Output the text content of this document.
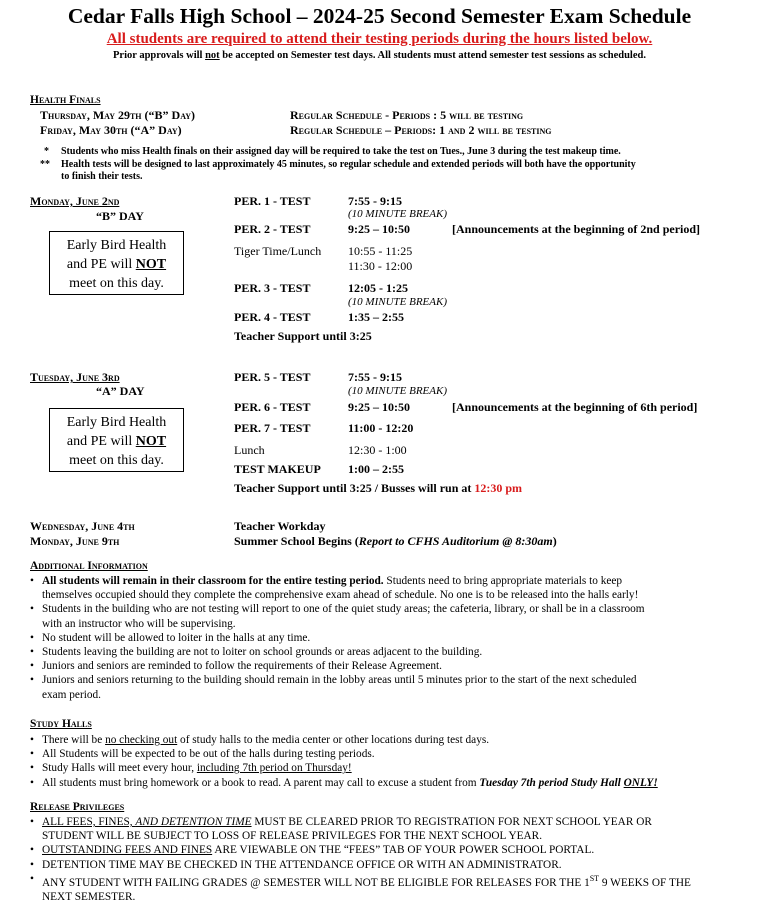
Cedar Falls High School – 2024-25 Second Semester Exam Schedule
All students are required to attend their testing periods during the hours listed below.
Prior approvals will not be accepted on Semester test days. All students must attend semester test sessions as scheduled.
Health Finals
Thursday, May 29th (“B” Day)	Regular Schedule - Periods : 5 will be testing
Friday, May 30th (“A” Day)	Regular Schedule – Periods: 1 and 2 will be testing
* Students who miss Health finals on their assigned day will be required to take the test on Tues., June 3 during the test makeup time.
** Health tests will be designed to last approximately 45 minutes, so regular schedule and extended periods will both have the opportunity
to finish their tests.
Monday, June 2nd
“B” DAY
Early Bird Health
and PE will NOT
meet on this day.
PER. 1 - TEST	7:55 - 9:15
(10 MINUTE BREAK)
PER. 2 - TEST	9:25 – 10:50	[Announcements at the beginning of 2nd period]
Tiger Time/Lunch 10:55 - 11:25
11:30 - 12:00
PER. 3 - TEST	12:05 - 1:25
(10 MINUTE BREAK)
PER. 4 - TEST	1:35 – 2:55
Teacher Support until 3:25
Tuesday, June 3rd
“A” DAY
Early Bird Health
and PE will NOT
meet on this day.
PER. 5 - TEST	7:55 - 9:15
(10 MINUTE BREAK)
PER. 6 - TEST	9:25 – 10:50	[Announcements at the beginning of 6th period]
PER. 7 - TEST	11:00 - 12:20
Lunch	12:30 - 1:00
TEST MAKEUP 1:00 – 2:55
Teacher Support until 3:25 / Busses will run at 12:30 pm
Wednesday, June 4th	Teacher Workday
Monday, June 9th	Summer School Begins (Report to CFHS Auditorium @ 8:30am)
Additional Information
• All students will remain in their classroom for the entire testing period. Students need to bring appropriate materials to keep
themselves occupied should they complete the comprehensive exam ahead of schedule. No one is to be released into the halls early!
• Students in the building who are not testing will report to one of the quiet study areas; the cafeteria, library, or shall be in a classroom
with an instructor who will be supervising.
• No student will be allowed to loiter in the halls at any time.
• Students leaving the building are not to loiter on school grounds or areas adjacent to the building.
• Juniors and seniors are reminded to follow the requirements of their Release Agreement.
• Juniors and seniors returning to the building should remain in the lobby areas until 5 minutes prior to the start of the next scheduled
exam period.
Study Halls
• There will be no checking out of study halls to the media center or other locations during test days.
• All Students will be expected to be out of the halls during testing periods.
• Study Halls will meet every hour, including 7th period on Thursday!
• All students must bring homework or a book to read. A parent may call to excuse a student from Tuesday 7th period Study Hall ONLY!
Release Privileges
• ALL FEES, FINES, AND DETENTION TIME MUST BE CLEARED PRIOR TO REGISTRATION FOR NEXT SCHOOL YEAR OR
STUDENT WILL BE SUBJECT TO LOSS OF RELEASE PRIVILEGES FOR THE NEXT SCHOOL YEAR.
• OUTSTANDING FEES AND FINES ARE VIEWABLE ON THE “FEES” TAB OF YOUR POWER SCHOOL PORTAL.
• DETENTION TIME MAY BE CHECKED IN THE ATTENDANCE OFFICE OR WITH AN ADMINISTRATOR.
• ANY STUDENT WITH FAILING GRADES @ SEMESTER WILL NOT BE ELIGIBLE FOR RELEASES FOR THE 1ST 9 WEEKS OF THE
NEXT SEMESTER.
